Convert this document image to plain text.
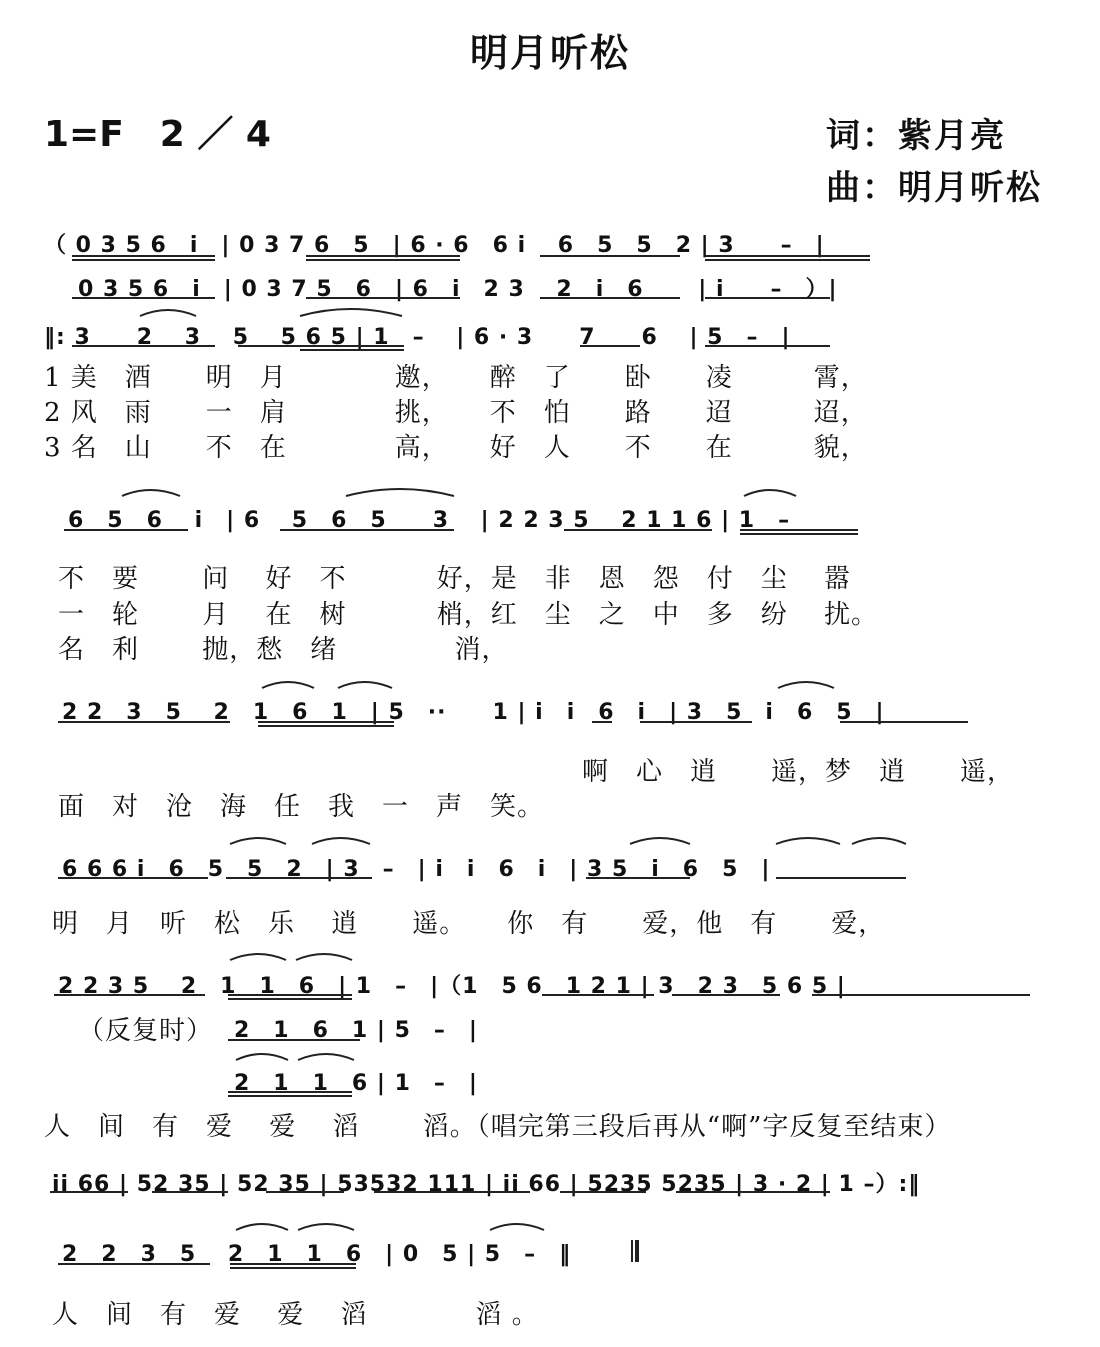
明月听松
1=F　2 ／ 4	词：紫月亮
曲：明月听松
（ 0 3 5 6　i　| 0 3 7 6　5　| 6 · 6　6 i　 6　5　5　2 | 3　　–　|
0 3 5 6　i　| 0 3 7 5　6　| 6　i　2 3　 2　i　6　　 | i　　–　）|
‖: 3　　2　 3　 5　 5 6 5 | 1　–　 | 6 · 3　　7　　6　 | 5　–　|
6　5　6　 i　| 6　 5　6　5　　3　 | 2 2 3 5　 2 1 1 6 | 1　–
2 2　3　5　 2　1　6　1　| 5　··　　1 | i　i　6　i　| 3　5　i　6　5　|
6 6 6 i　6　5　5　2　| 3　–　| i　i　6　i　| 3 5　i　6　5　|
2 2 3 5　 2　1　1　6　| 1　–　|（1　5 6　1 2 1 | 3　2 3　5 6 5 |
2　1　6　1 | 5　–　|
2　1　1　6 | 1　–　|
ii 66 | 52 35 | 52 35 | 53532 111 | ii 66 | 5235 5235 | 3 · 2 | 1 –）:‖
2　2　3　5　 2　1　1　6　| 0　5 | 5　–　‖
1 美　酒　　明　月　　　　邀，　　醉　了　　卧　　凌　　　霄，
2 风　雨　　一　肩　　　　挑，　　不　怕　　路　　迢　　　迢，
3 名　山　　不　在　　　　高，　　好　人　　不　　在　　　貌，
不　要　　 问　 好　不　　　 好，是　非　恩　怨　付　尘　 嚣
一　轮　　 月　 在　树　　　 梢，红　尘　之　中　多　纷　 扰。
名　利　　 抛，愁　绪　　　　 消，
啊　心　逍　　遥，梦　逍　　遥，
面　对　沧　海　任　我　一　声　笑。
明　月　听　松　乐　 逍　　遥。　　你　有　　爱，他　有　　爱，
（反复时）
人　间　有　爱　 爱　 滔　　 滔。（唱完第三段后再从“啊”字反复至结束）
人　间　有　爱　 爱　 滔　　　　滔 。
